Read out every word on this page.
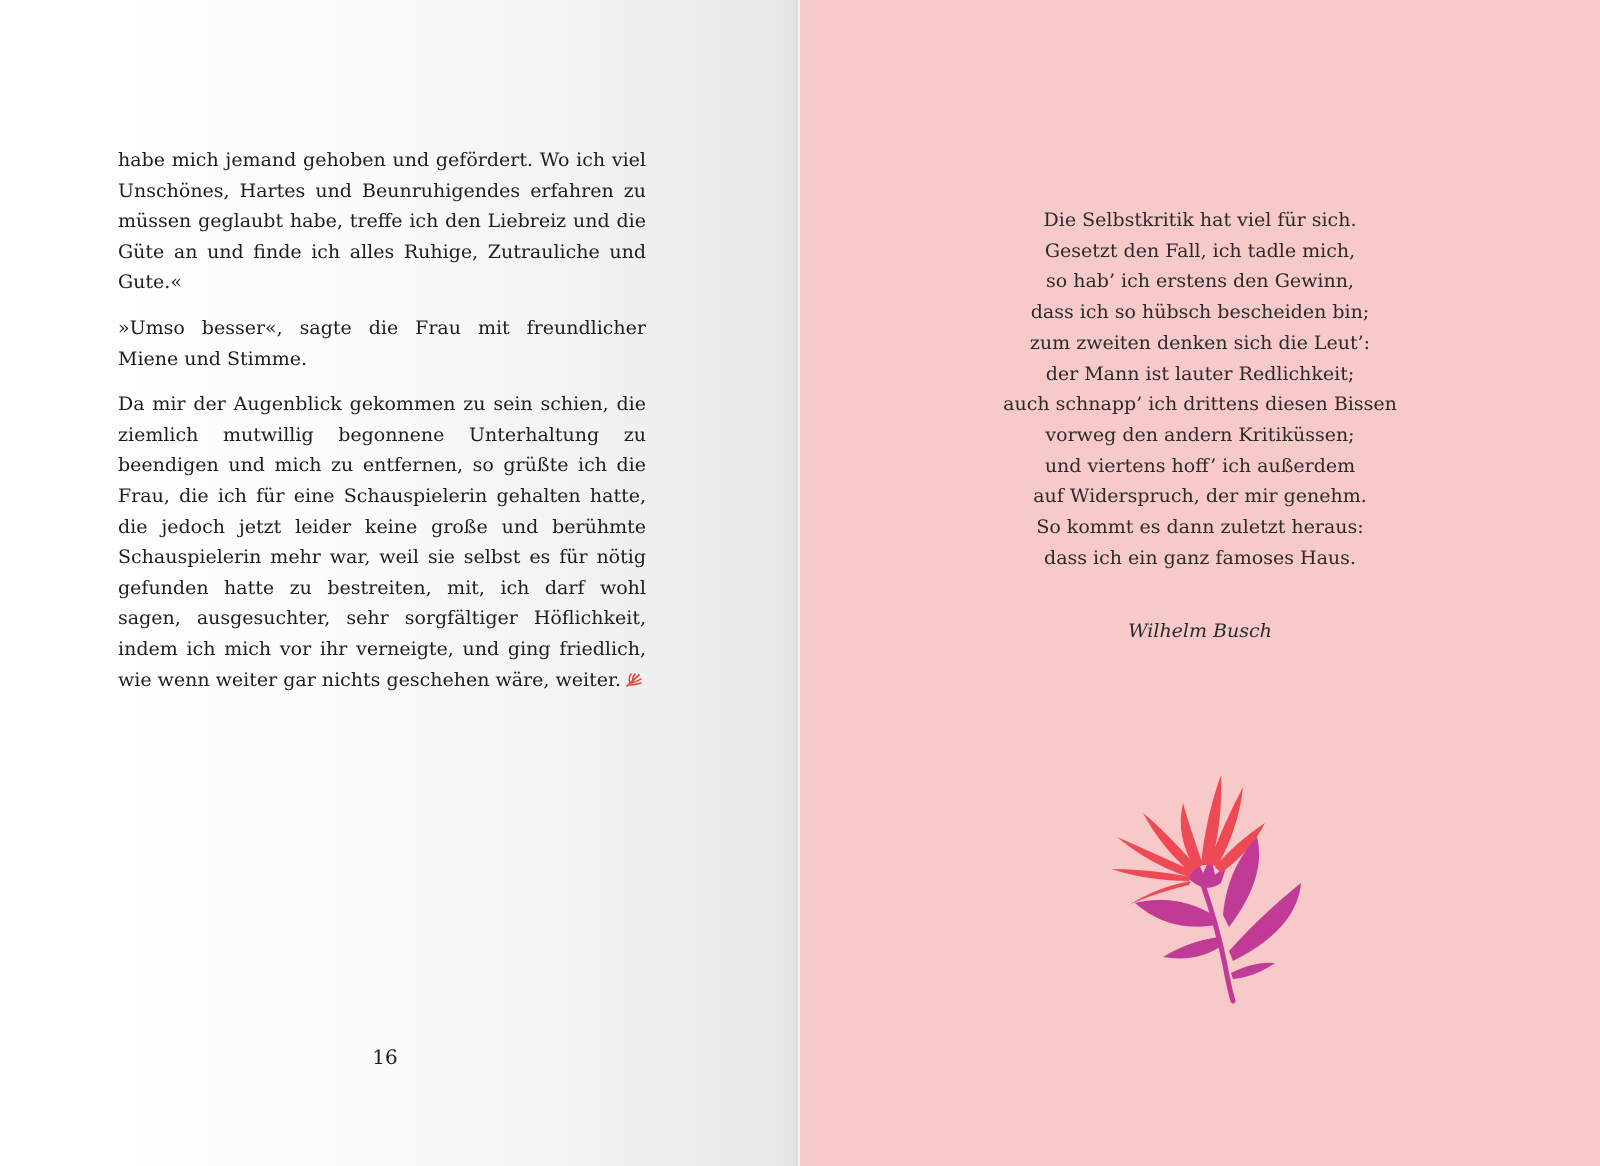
habe mich jemand gehoben und gefördert. Wo ich viel Unschönes, Hartes und Beunruhigendes erfahren zu müssen geglaubt habe, treffe ich den Liebreiz und die Güte an und finde ich alles Ruhige, Zutrauliche und Gute.«

»Umso besser«, sagte die Frau mit freundlicher Miene und Stimme.

Da mir der Augenblick gekommen zu sein schien, die ziemlich mutwillig begonnene Unterhaltung zu beendigen und mich zu entfernen, so grüßte ich die Frau, die ich für eine Schauspielerin gehalten hatte, die jedoch jetzt leider keine große und berühmte Schauspielerin mehr war, weil sie selbst es für nötig gefunden hatte zu bestreiten, mit, ich darf wohl sagen, ausgesuchter, sehr sorgfältiger Höflichkeit, indem ich mich vor ihr verneigte, und ging friedlich, wie wenn weiter gar nichts geschehen wäre, weiter.

16
Die Selbstkritik hat viel für sich.
Gesetzt den Fall, ich tadle mich,
so hab’ ich erstens den Gewinn,
dass ich so hübsch bescheiden bin;
zum zweiten denken sich die Leut’:
der Mann ist lauter Redlichkeit;
auch schnapp’ ich drittens diesen Bissen
vorweg den andern Kritiküssen;
und viertens hoff’ ich außerdem
auf Widerspruch, der mir genehm.
So kommt es dann zuletzt heraus:
dass ich ein ganz famoses Haus.
Wilhelm Busch
